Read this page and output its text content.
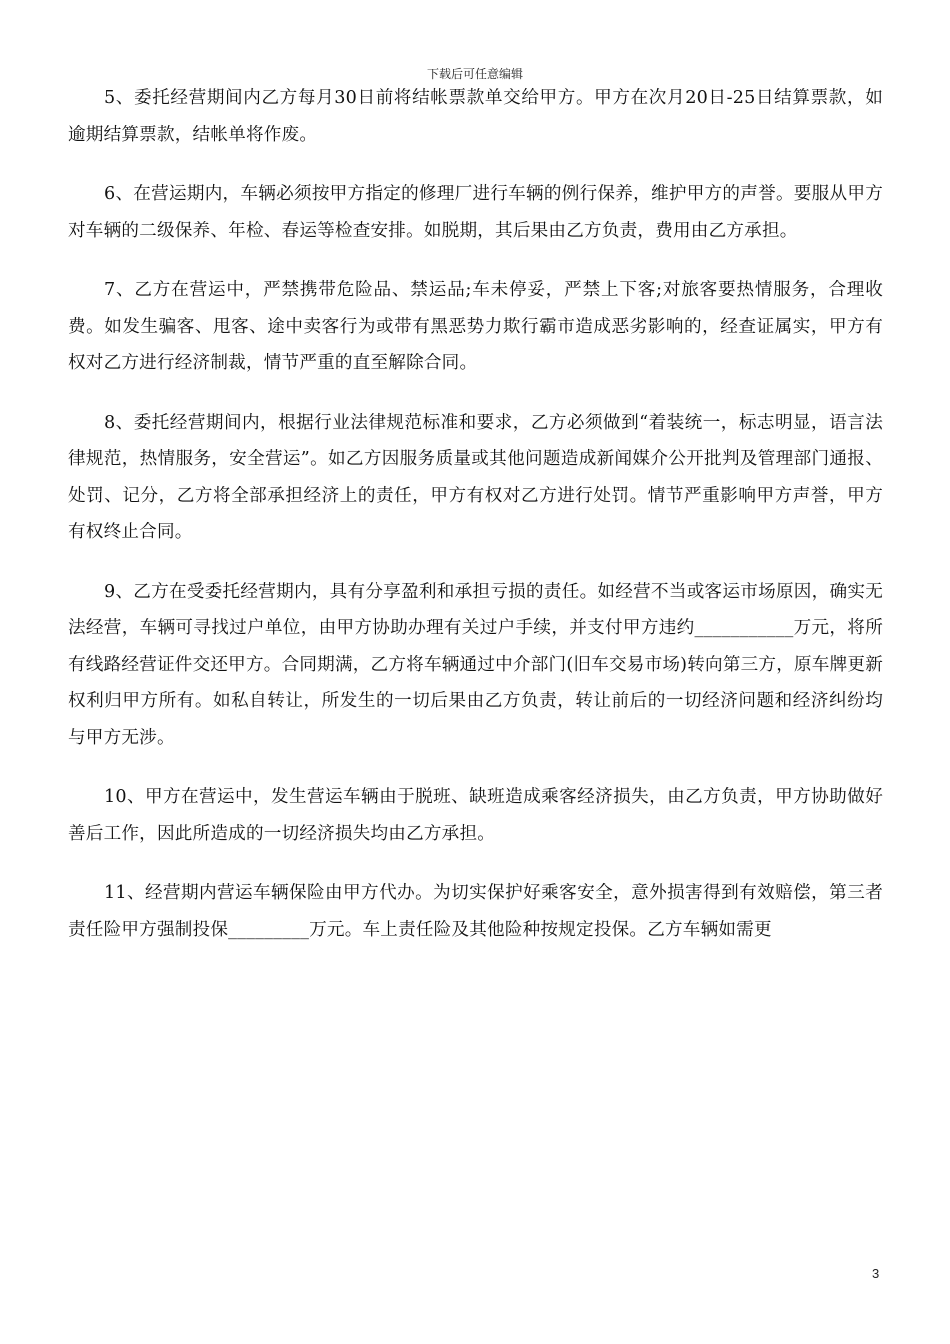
下载后可任意编辑

5、委托经营期间内乙方每月30日前将结帐票款单交给甲方。甲方在次月20日-25日结算票款，如逾期结算票款，结帐单将作废。

6、在营运期内，车辆必须按甲方指定的修理厂进行车辆的例行保养，维护甲方的声誉。要服从甲方对车辆的二级保养、年检、春运等检查安排。如脱期，其后果由乙方负责，费用由乙方承担。

7、乙方在营运中，严禁携带危险品、禁运品;车未停妥，严禁上下客;对旅客要热情服务，合理收费。如发生骗客、甩客、途中卖客行为或带有黑恶势力欺行霸市造成恶劣影响的，经查证属实，甲方有权对乙方进行经济制裁，情节严重的直至解除合同。

8、委托经营期间内，根据行业法律规范标准和要求，乙方必须做到“着装统一，标志明显，语言法律规范，热情服务，安全营运”。如乙方因服务质量或其他问题造成新闻媒介公开批判及管理部门通报、处罚、记分，乙方将全部承担经济上的责任，甲方有权对乙方进行处罚。情节严重影响甲方声誉，甲方有权终止合同。

9、乙方在受委托经营期内，具有分享盈利和承担亏损的责任。如经营不当或客运市场原因，确实无法经营，车辆可寻找过户单位，由甲方协助办理有关过户手续，并支付甲方违约___________万元，将所有线路经营证件交还甲方。合同期满，乙方将车辆通过中介部门(旧车交易市场)转向第三方，原车牌更新权利归甲方所有。如私自转让，所发生的一切后果由乙方负责，转让前后的一切经济问题和经济纠纷均与甲方无涉。

10、甲方在营运中，发生营运车辆由于脱班、缺班造成乘客经济损失，由乙方负责，甲方协助做好善后工作，因此所造成的一切经济损失均由乙方承担。

11、经营期内营运车辆保险由甲方代办。为切实保护好乘客安全，意外损害得到有效赔偿，第三者责任险甲方强制投保_________万元。车上责任险及其他险种按规定投保。乙方车辆如需更

3
